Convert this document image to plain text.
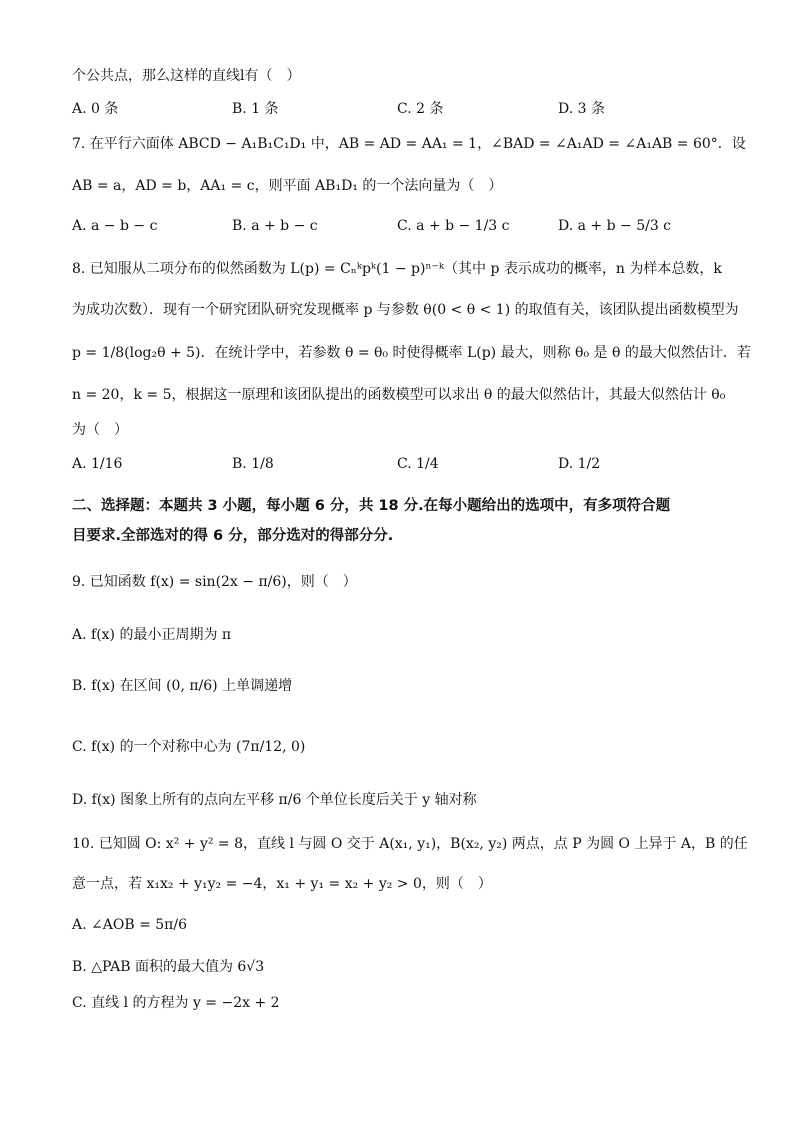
个公共点，那么这样的直线l有（　）
A. 0 条	B. 1 条	C. 2 条	D. 3 条
7. 在平行六面体 ABCD − A₁B₁C₁D₁ 中，AB = AD = AA₁ = 1，∠BAD = ∠A₁AD = ∠A₁AB = 60°．设
AB = a，AD = b，AA₁ = c，则平面 AB₁D₁ 的一个法向量为（　）
A. a − b − c	B. a + b − c	C. a + b − 1/3 c	D. a + b − 5/3 c
8. 已知服从二项分布的似然函数为 L(p) = Cₙᵏpᵏ(1 − p)ⁿ⁻ᵏ（其中 p 表示成功的概率，n 为样本总数，k
为成功次数）．现有一个研究团队研究发现概率 p 与参数 θ(0 < θ < 1) 的取值有关，该团队提出函数模型为
p = 1/8(log₂θ + 5)．在统计学中，若参数 θ = θ₀ 时使得概率 L(p) 最大，则称 θ₀ 是 θ 的最大似然估计．若
n = 20，k = 5，根据这一原理和该团队提出的函数模型可以求出 θ 的最大似然估计，其最大似然估计 θ₀
为（　）
A. 1/16	B. 1/8	C. 1/4	D. 1/2
二、选择题：本题共 3 小题，每小题 6 分，共 18 分.在每小题给出的选项中，有多项符合题
目要求.全部选对的得 6 分，部分选对的得部分分.
9. 已知函数 f(x) = sin(2x − π/6)，则（　）
A. f(x) 的最小正周期为 π
B. f(x) 在区间 (0, π/6) 上单调递增
C. f(x) 的一个对称中心为 (7π/12, 0)
D. f(x) 图象上所有的点向左平移 π/6 个单位长度后关于 y 轴对称
10. 已知圆 O: x² + y² = 8，直线 l 与圆 O 交于 A(x₁, y₁)，B(x₂, y₂) 两点，点 P 为圆 O 上异于 A，B 的任
意一点，若 x₁x₂ + y₁y₂ = −4，x₁ + y₁ = x₂ + y₂ > 0，则（　）
A. ∠AOB = 5π/6
B. △PAB 面积的最大值为 6√3
C. 直线 l 的方程为 y = −2x + 2
